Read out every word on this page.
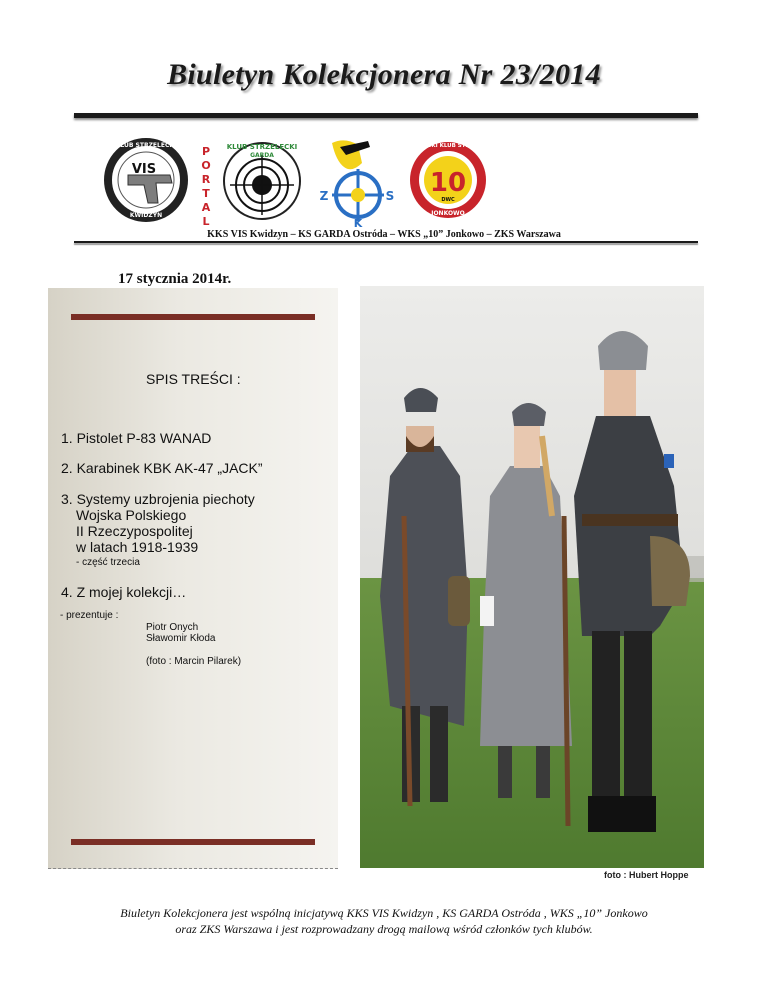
Biuletyn Kolekcjonera Nr 23/2014
KLUB STRZELECKI
KWIDZYN
VIS
P
O
R
T
A
L
KLUB STRZELECKI
GARDA
Z	S
K
WARMIŃSKI KLUB STRZELECKI
10
DWC
JONKOWO
KKS VIS Kwidzyn – KS GARDA Ostróda – WKS „10” Jonkowo – ZKS Warszawa
17 stycznia 2014r.
SPIS TREŚCI :
1. Pistolet P-83 WANAD
2. Karabinek KBK AK-47 „JACK”
3. Systemy uzbrojenia piechoty
Wojska Polskiego
II Rzeczypospolitej
w latach 1918-1939
- część trzecia
4. Z mojej kolekcji…
- prezentuje :
Piotr Onych
Sławomir Kłoda
(foto : Marcin Pilarek)
foto : Hubert Hoppe
Biuletyn Kolekcjonera jest wspólną inicjatywą KKS VIS Kwidzyn , KS GARDA Ostróda , WKS „10” Jonkowo
oraz ZKS Warszawa i jest rozprowadzany drogą mailową wśród członków tych klubów.
